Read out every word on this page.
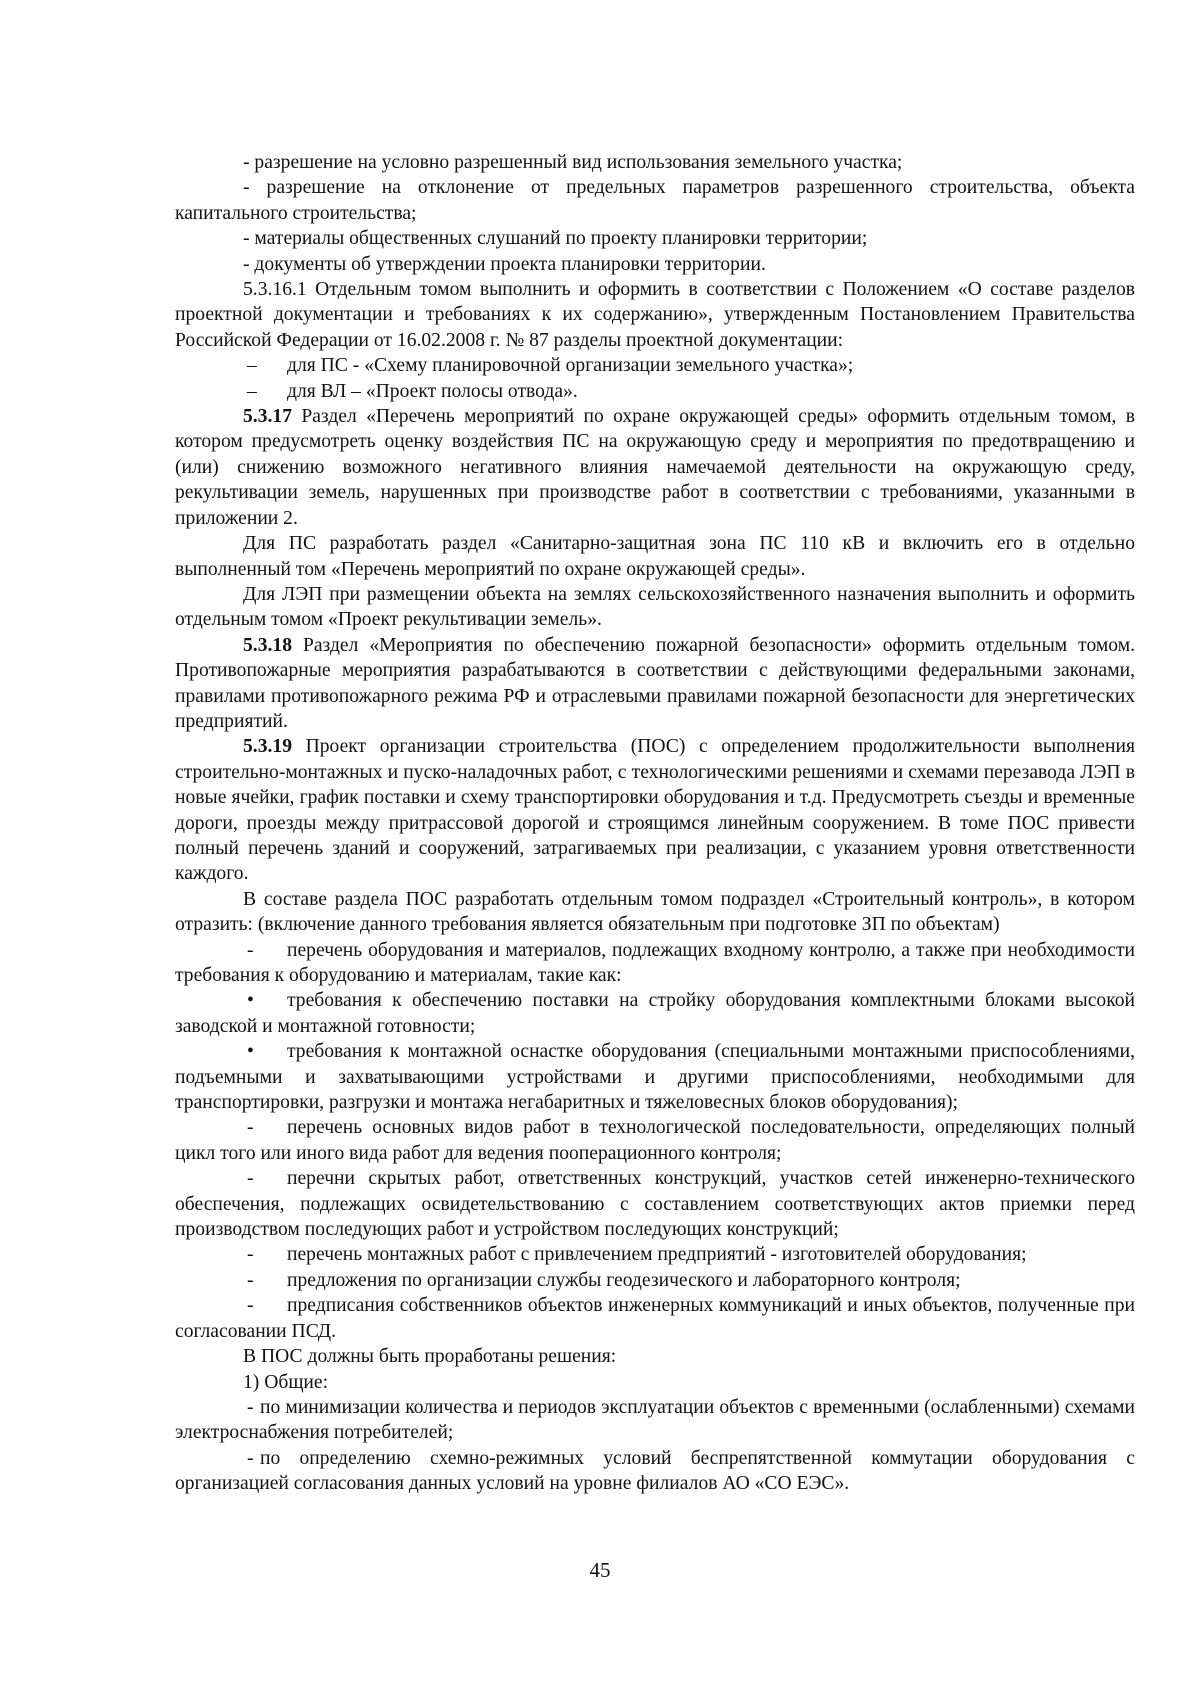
- разрешение на условно разрешенный вид использования земельного участка;

- разрешение на отклонение от предельных параметров разрешенного строительства, объекта капитального строительства;

- материалы общественных слушаний по проекту планировки территории;

- документы об утверждении проекта планировки территории.

5.3.16.1 Отдельным томом выполнить и оформить в соответствии с Положением «О составе разделов проектной документации и требованиях к их содержанию», утвержденным Постановлением Правительства Российской Федерации от 16.02.2008 г. № 87 разделы проектной документации:

– для ПС - «Схему планировочной организации земельного участка»;

– для ВЛ – «Проект полосы отвода».

5.3.17 Раздел «Перечень мероприятий по охране окружающей среды» оформить отдельным томом, в котором предусмотреть оценку воздействия ПС на окружающую среду и мероприятия по предотвращению и (или) снижению возможного негативного влияния намечаемой деятельности на окружающую среду, рекультивации земель, нарушенных при производстве работ в соответствии с требованиями, указанными в приложении 2.

Для ПС разработать раздел «Санитарно-защитная зона ПС 110 кВ и включить его в отдельно выполненный том «Перечень мероприятий по охране окружающей среды».

Для ЛЭП при размещении объекта на землях сельскохозяйственного назначения выполнить и оформить отдельным томом «Проект рекультивации земель».

5.3.18 Раздел «Мероприятия по обеспечению пожарной безопасности» оформить отдельным томом. Противопожарные мероприятия разрабатываются в соответствии с действующими федеральными законами, правилами противопожарного режима РФ и отраслевыми правилами пожарной безопасности для энергетических предприятий.

5.3.19 Проект организации строительства (ПОС) с определением продолжительности выполнения строительно-монтажных и пуско-наладочных работ, с технологическими решениями и схемами перезавода ЛЭП в новые ячейки, график поставки и схему транспортировки оборудования и т.д. Предусмотреть съезды и временные дороги, проезды между притрассовой дорогой и строящимся линейным сооружением. В томе ПОС привести полный перечень зданий и сооружений, затрагиваемых при реализации, с указанием уровня ответственности каждого.

В составе раздела ПОС разработать отдельным томом подраздел «Строительный контроль», в котором отразить: (включение данного требования является обязательным при подготовке ЗП по объектам)

- перечень оборудования и материалов, подлежащих входному контролю, а также при необходимости требования к оборудованию и материалам, такие как:

• требования к обеспечению поставки на стройку оборудования комплектными блоками высокой заводской и монтажной готовности;

• требования к монтажной оснастке оборудования (специальными монтажными приспособлениями, подъемными и захватывающими устройствами и другими приспособлениями, необходимыми для транспортировки, разгрузки и монтажа негабаритных и тяжеловесных блоков оборудования);

- перечень основных видов работ в технологической последовательности, определяющих полный цикл того или иного вида работ для ведения пооперационного контроля;

- перечни скрытых работ, ответственных конструкций, участков сетей инженерно-технического обеспечения, подлежащих освидетельствованию с составлением соответствующих актов приемки перед производством последующих работ и устройством последующих конструкций;

- перечень монтажных работ с привлечением предприятий - изготовителей оборудования;

- предложения по организации службы геодезического и лабораторного контроля;

- предписания собственников объектов инженерных коммуникаций и иных объектов, полученные при согласовании ПСД.

В ПОС должны быть проработаны решения:

1) Общие:

- по минимизации количества и периодов эксплуатации объектов с временными (ослабленными) схемами электроснабжения потребителей;

- по определению схемно-режимных условий беспрепятственной коммутации оборудования с организацией согласования данных условий на уровне филиалов АО «СО ЕЭС».

45
